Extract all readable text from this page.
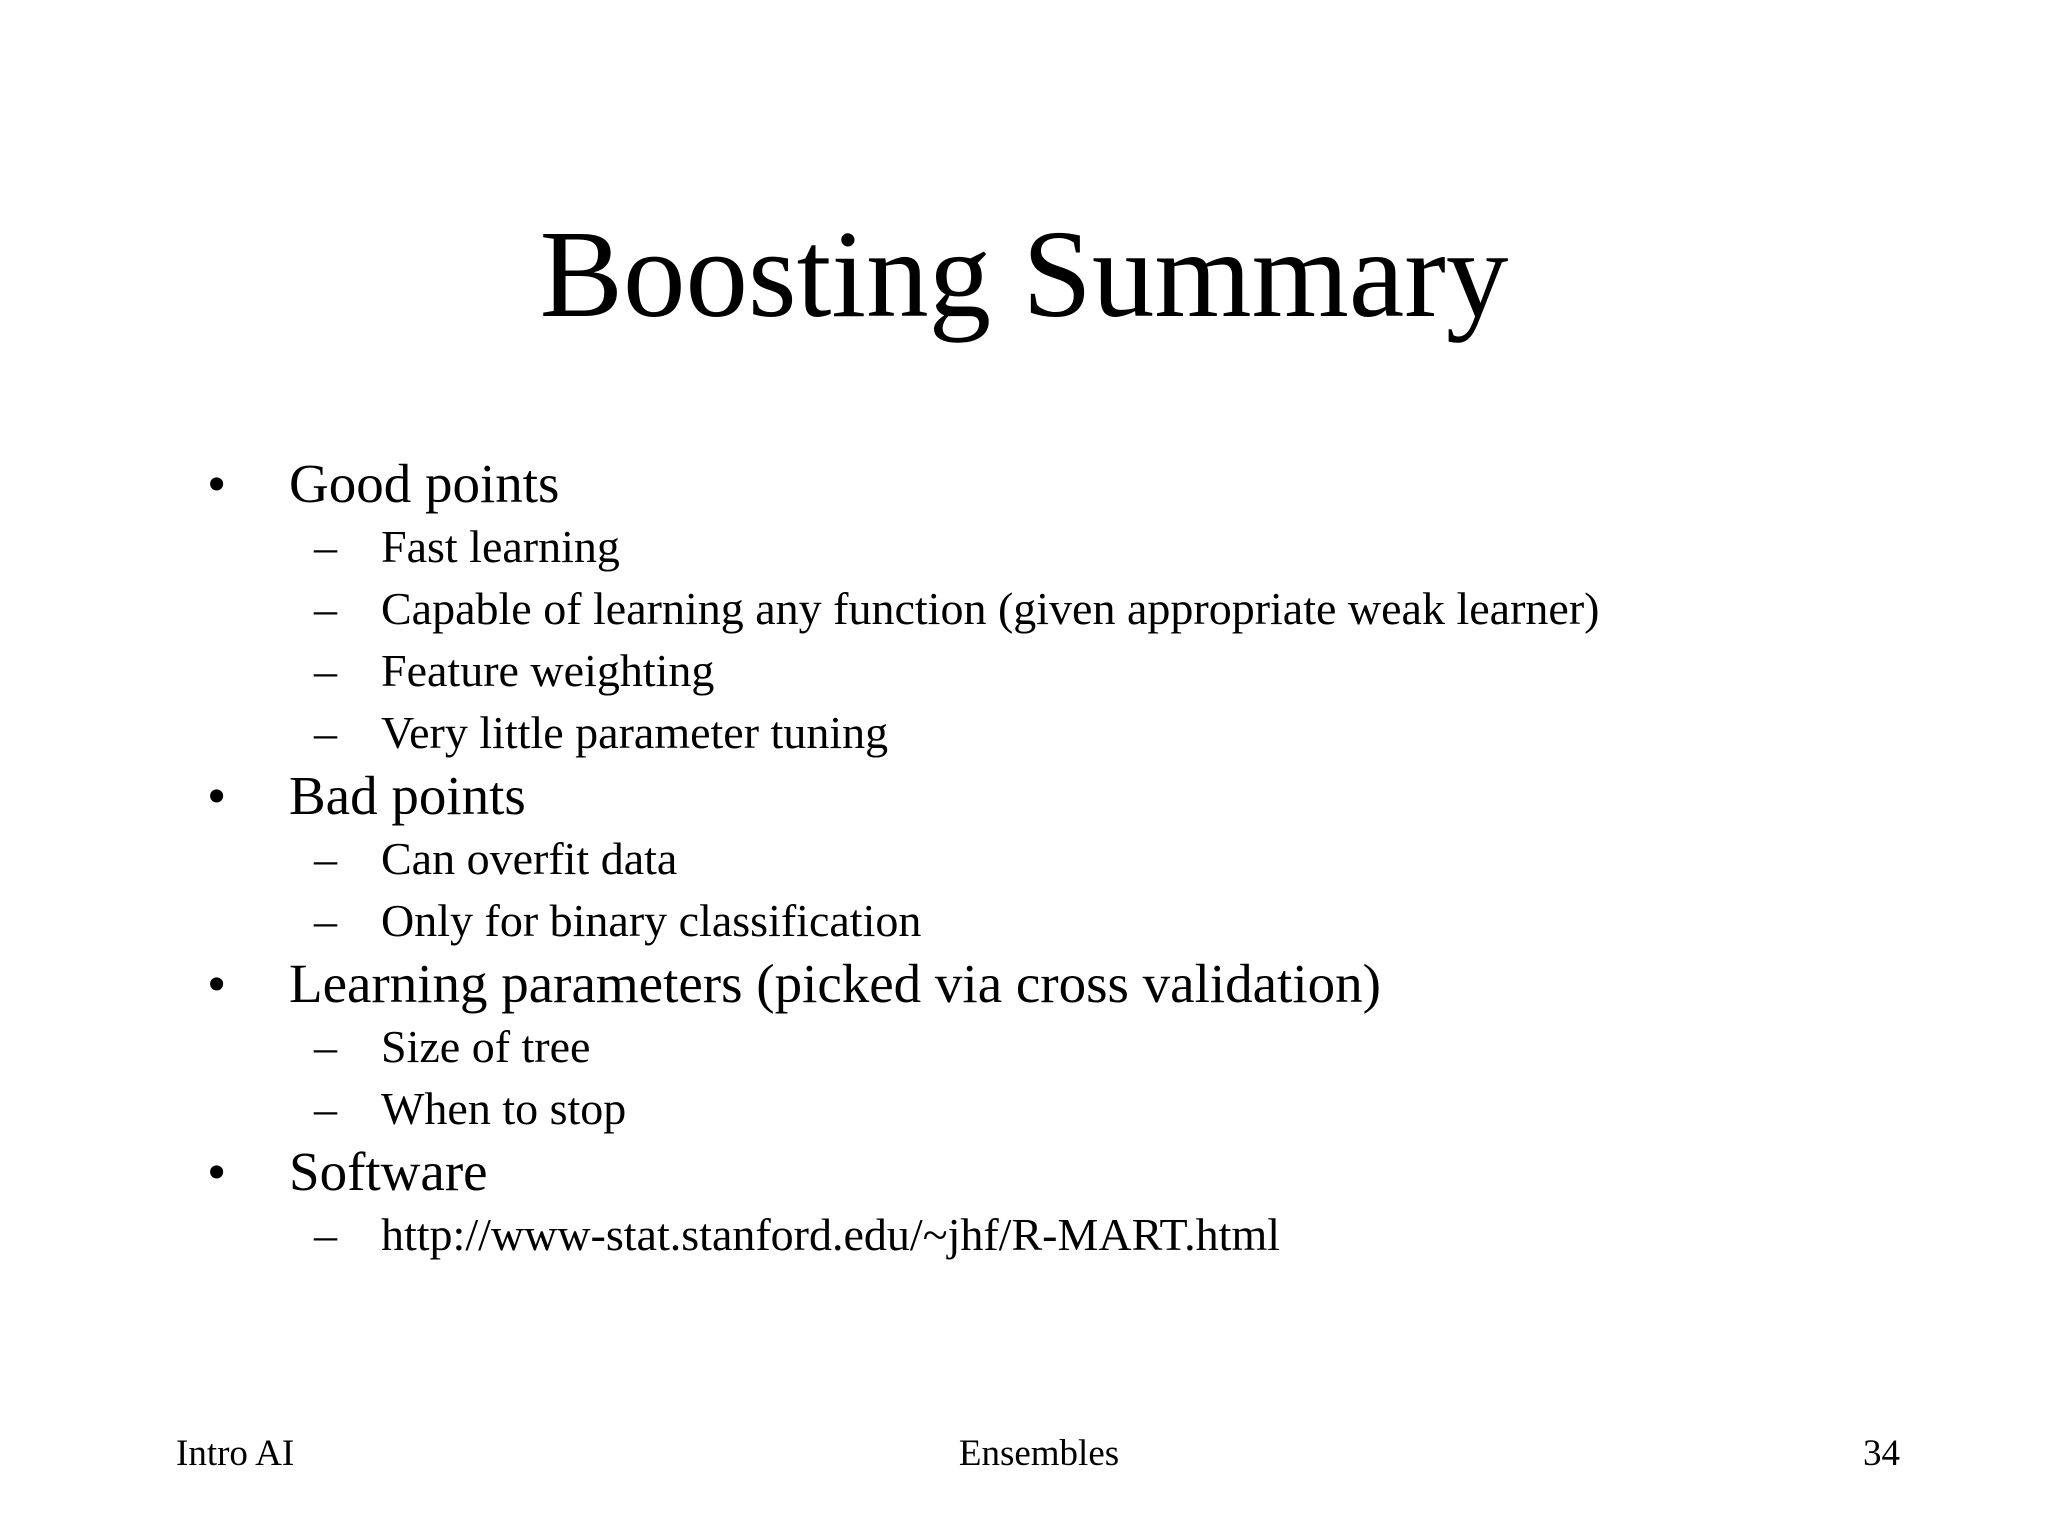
Boosting Summary
• Good points
– Fast learning
– Capable of learning any function (given appropriate weak learner)
– Feature weighting
– Very little parameter tuning
• Bad points
– Can overfit data
– Only for binary classification
• Learning parameters (picked via cross validation)
– Size of tree
– When to stop
• Software
– http://www-stat.stanford.edu/~jhf/R-MART.html
Intro AI	Ensembles	34
